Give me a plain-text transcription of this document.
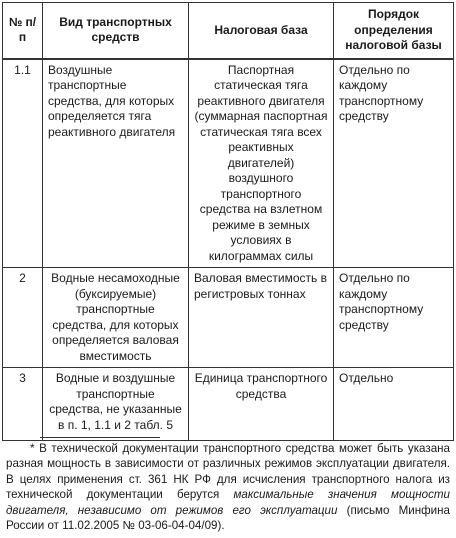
№ п/п	Вид транспортных средств	Налоговая база	Порядок определения налоговой базы
1.1	Воздушные транспортные средства, для которых определяется тяга реактивного двигателя	Паспортная статическая тяга реактивного двигателя (суммарная паспортная статическая тяга всех реактивных двигателей) воздушного транспортного средства на взлетном режиме в земных условиях в килограммах силы	Отдельно по каждому транспортному средству
2	Водные несамоходные (буксируемые) транспортные средства, для которых определяется валовая вместимость	Валовая вместимость в регистровых тоннах	Отдельно по каждому транспортному средству
3	Водные и воздушные транспортные средства, не указанные в п. 1, 1.1 и 2 табл. 5	Единица транспортного средства	Отдельно

* В технической документации транспортного средства может быть указана разная мощность в зависимости от различных режимов эксплуатации двигателя. В целях применения ст. 361 НК РФ для исчисления транспортного налога из технической документации берутся максимальные значения мощности двигателя, независимо от режимов его эксплуатации (письмо Минфина России от 11.02.2005 № 03-06-04-04/09).
